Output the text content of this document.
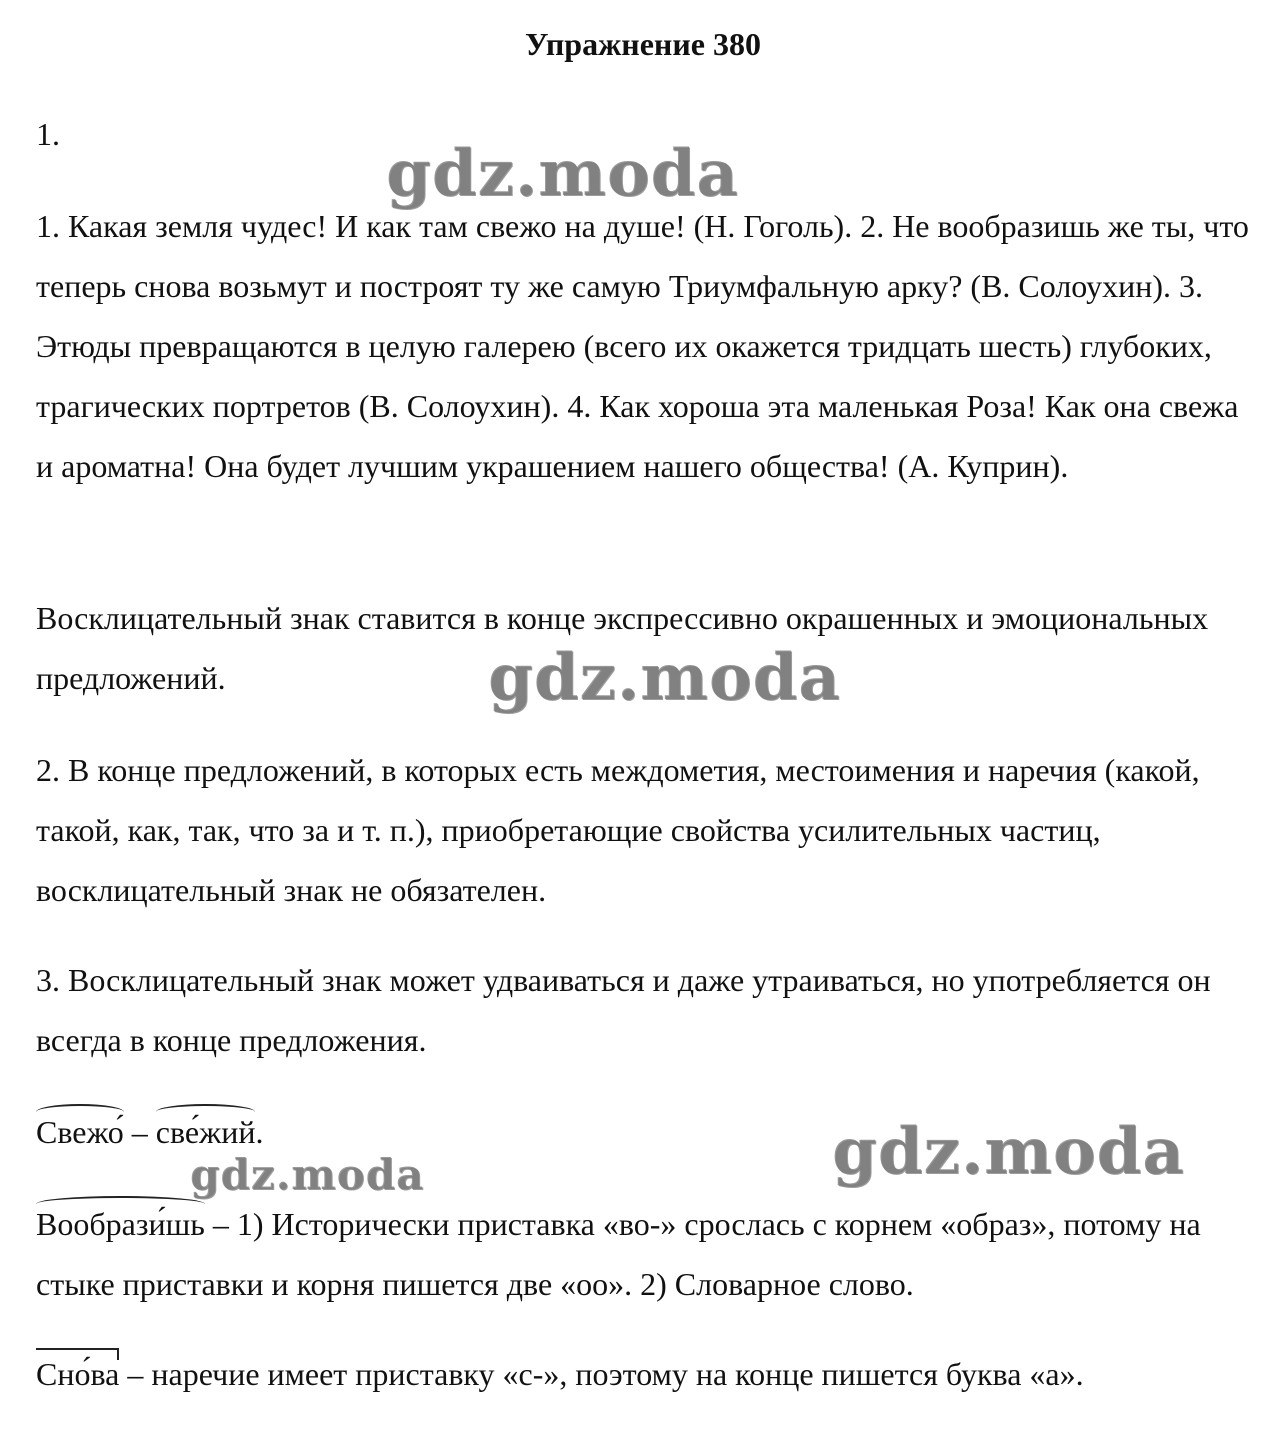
Упражнение 380
1.

1. Какая земля чудес! И как там свежо на душе! (Н. Гоголь). 2. Не вообразишь же ты, что теперь снова возьмут и построят ту же самую Триумфальную арку? (В. Солоухин). 3. Этюды превращаются в целую галерею (всего их окажется тридцать шесть) глубоких, трагических портретов (В. Солоухин). 4. Как хороша эта маленькая Роза! Как она свежа и ароматна! Она будет лучшим украшением нашего общества! (А. Куприн).

Восклицательный знак ставится в конце экспрессивно окрашенных и эмоциональных предложений.

2. В конце предложений, в которых есть междометия, местоимения и наречия (какой, такой, как, так, что за и т. п.), приобретающие свойства усилительных частиц, восклицательный знак не обязателен.

3. Восклицательный знак может удваиваться и даже утраиваться, но употребляется он всегда в конце предложения.

Свежо́ – све́жий.

Вообрази́шь – 1) Исторически приставка «во-» срослась с корнем «образ», потому на стыке приставки и корня пишется две «оо». 2) Словарное слово.

Сно́ва – наречие имеет приставку «с-», поэтому на конце пишется буква «а».

gdz.moda
gdz.moda
gdz.moda
gdz.moda
